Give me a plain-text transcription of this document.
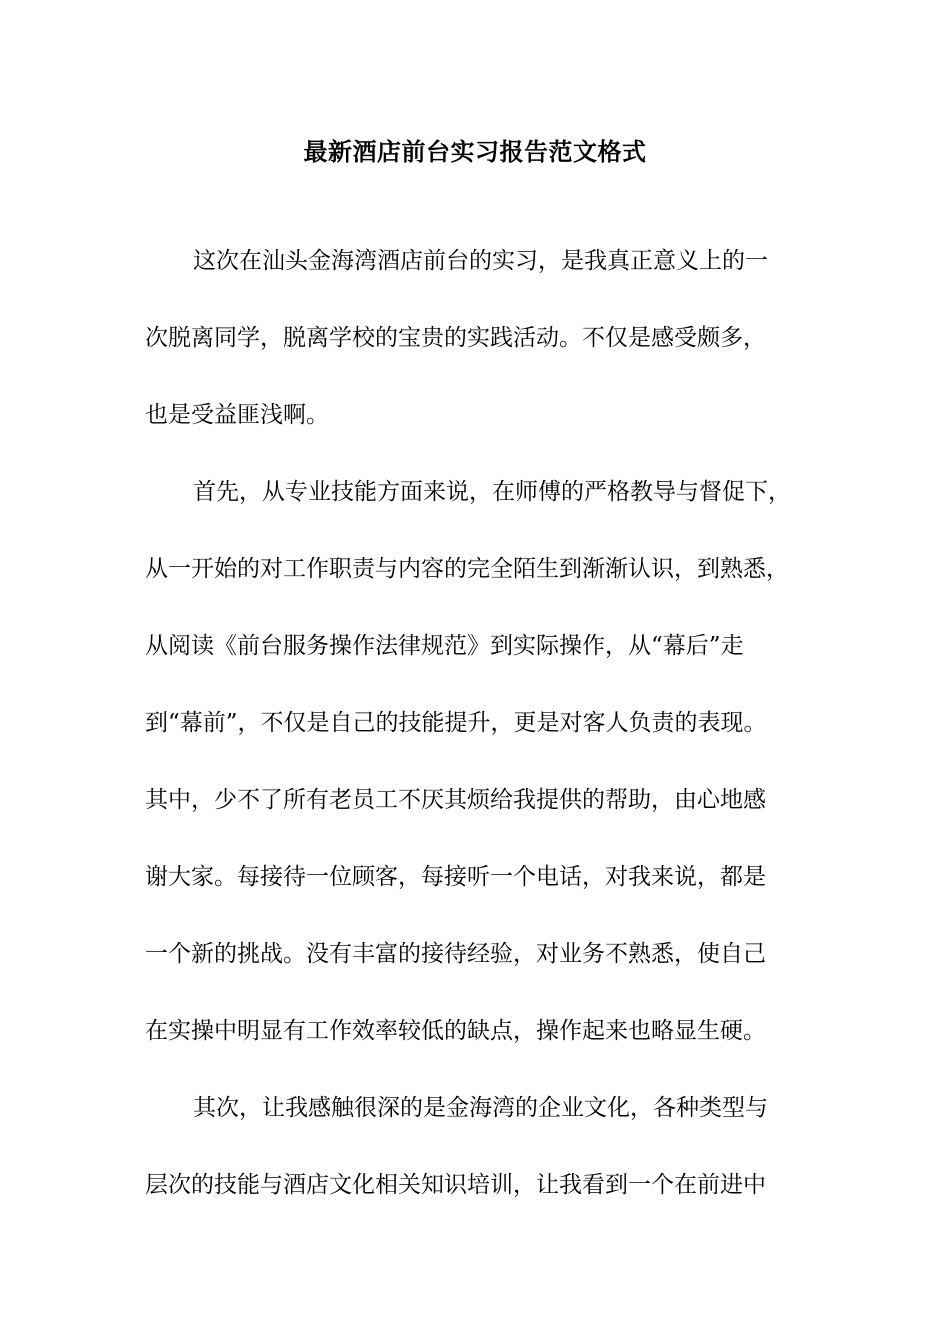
最新酒店前台实习报告范文格式
这次在汕头金海湾酒店前台的实习，是我真正意义上的一
次脱离同学，脱离学校的宝贵的实践活动。不仅是感受颇多，
也是受益匪浅啊。
首先，从专业技能方面来说，在师傅的严格教导与督促下，
从一开始的对工作职责与内容的完全陌生到渐渐认识，到熟悉，
从阅读《前台服务操作法律规范》到实际操作，从“幕后”走
到“幕前”，不仅是自己的技能提升，更是对客人负责的表现。
其中，少不了所有老员工不厌其烦给我提供的帮助，由心地感
谢大家。每接待一位顾客，每接听一个电话，对我来说，都是
一个新的挑战。没有丰富的接待经验，对业务不熟悉，使自己
在实操中明显有工作效率较低的缺点，操作起来也略显生硬。
其次，让我感触很深的是金海湾的企业文化，各种类型与
层次的技能与酒店文化相关知识培训，让我看到一个在前进中
